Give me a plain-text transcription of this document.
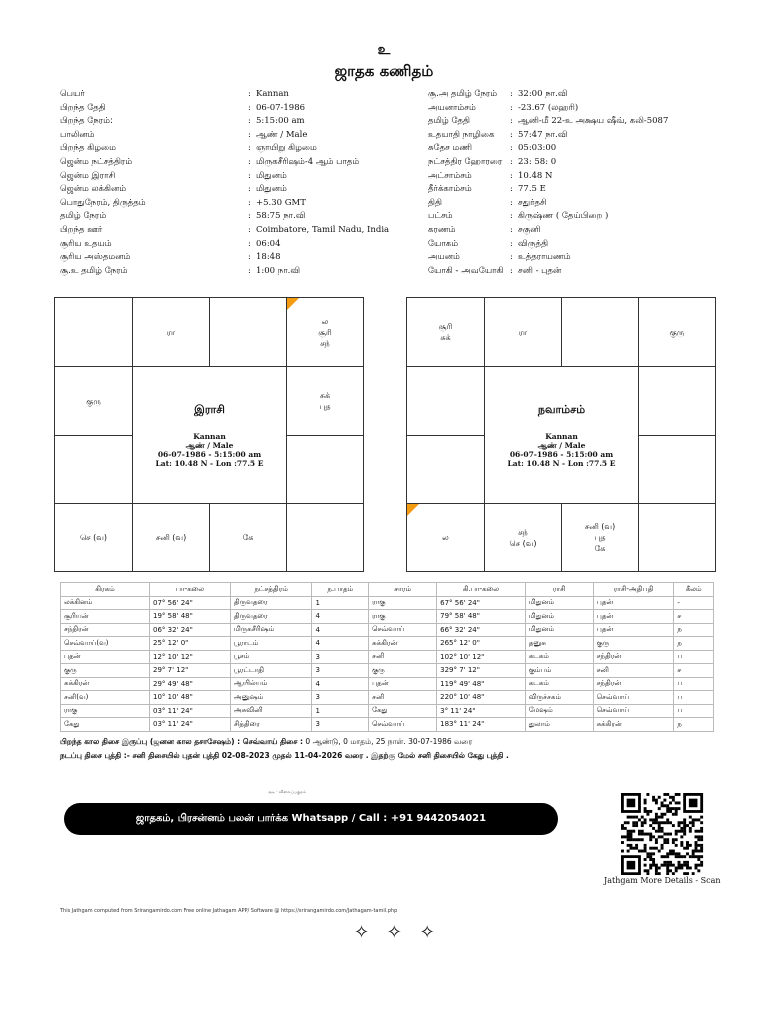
உ
ஜாதக கணிதம்
பெயர்	: Kannan
பிறந்த தேதி	: 06-07-1986
பிறந்த நேரம்:	: 5:15:00 am
பாலினம்	: ஆண் / Male
பிறந்த கிழமை	: ஞாயிறு கிழமை
ஜென்ம நட்சத்திரம்	: மிருகசீரிஷம்-4 ஆம் பாதம்
ஜென்ம இராசி	: மிதுனம்
ஜென்ம லக்கினம்	: மிதுனம்
பொதுநேரம், திருத்தம்	: +5.30 GMT
தமிழ் நேரம்	: 58:75 நா.வி
பிறந்த ஊர்	: Coimbatore, Tamil Nadu, India
சூரிய உதயம்	: 06:04
சூரிய அஸ்தமனம்	: 18:48
சூ.உ தமிழ் நேரம்	: 1:00 நா.வி
சூ.அ தமிழ் நேரம்	: 32:00 நா.வி
அயனாம்சம்	: -23.67 (லஹரி)
தமிழ் தேதி	: ஆனி-மீ 22-உ அக்ஷய ஷீவ், கலி-5087
உதயாதி நாழிகை	: 57:47 நா.வி
சுதேச மணி	: 05:03:00
நட்சத்திர ஹோரரை : 23: 58: 0
அட்சாம்சம்	: 10.48 N
தீர்க்காம்சம்	: 77.5 E
திதி	: சதுர்தசி
பட்சம்	: கிருஷ்ண ( தேய்பிறை )
கரணம்	: சகுனி
யோகம்	: விருத்தி
அயனம்	: உத்தராயணம்
யோகி - அவயோகி : சனி - புதன்
ரா
ல
சூரி
சந்
குரு
சுக்
புத
செ (வ)	சனி (வ)	கே
இராசி
Kannan
ஆண் / Male
06-07-1986 - 5:15:00 am
Lat: 10.48 N - Lon :77.5 E
சூரி
சுக்
ரா	குரு
ல
சந்
செ (வ)
சனி (வ)
புத
கே
நவாம்சம்
Kannan
ஆண் / Male
06-07-1986 - 5:15:00 am
Lat: 10.48 N - Lon :77.5 E
கிரகம்	பா-கலை	நட்சத்திரம்	ந.பாதம்	சாரம்	கி.பா-கலை	ராசி	ராசி-அதிபதி	கீலம்
லக்கினம்	07° 56' 24"	திருவதரை	1	ராகு	67° 56' 24"	மிதுனம்	புதன்	-
சூரியன்	19° 58' 48"	திருவதரை	4	ராகு	79° 58' 48"	மிதுனம்	புதன்	ச
சந்திரன்	06° 32' 24"	மிருகசீரிஷம்	4	செவ்வாய்	66° 32' 24"	மிதுனம்	புதன்	ந
செவ்வாய்(வ)	25° 12' 0"	பூராடம்	4	சுக்கிரன்	265° 12' 0"	தனுசு	குரு	ந
புதன்	12° 10' 12"	பூசம்	3	சனி	102° 10' 12"	கடகம்	சந்திரன்	ப
குரு	29° 7' 12"	பூரட்டாதி	3	குரு	329° 7' 12"	கும்பம்	சனி	ச
சுக்கிரன்	29° 49' 48"	ஆயில்யம்	4	புதன்	119° 49' 48"	கடகம்	சந்திரன்	ப
சனி(வ)	10° 10' 48"	அனுஷம்	3	சனி	220° 10' 48"	விருச்சகம்	செவ்வாய்	ப
ராகு	03° 11' 24"	அசுவினி	1	கேது	3° 11' 24"	மேஷம்	செவ்வாய்	ப
கேது	03° 11' 24"	சித்திரை	3	செவ்வாய்	183° 11' 24"	துலாம்	சுக்கிரன்	ந
பிறந்த கால திசை இருப்பு (ஜனன கால தசாசேஷம்) : செவ்வாய் திசை : 0 ஆண்டு, 0 மாதம், 25 நாள். 30-07-1986 வரை
நடப்பு திசை புத்தி :- சனி திசையில் புதன் புத்தி 02-08-2023 முதல் 11-04-2026 வரை . இதற்கு மேல் சனி திசையில் கேது புத்தி .
சூடி - விலைப்பகுதம்
ஜாதகம், பிரசன்னம் பலன் பார்க்க Whatsapp / Call : +91 9442054021
Jathgam More Details - Scan
This Jathgam computed from Srirangamirdo.com Free online Jathagam APP/ Software @ https://srirangamirdo.com/Jathagam-tamil.php
✧ ✧ ✧
